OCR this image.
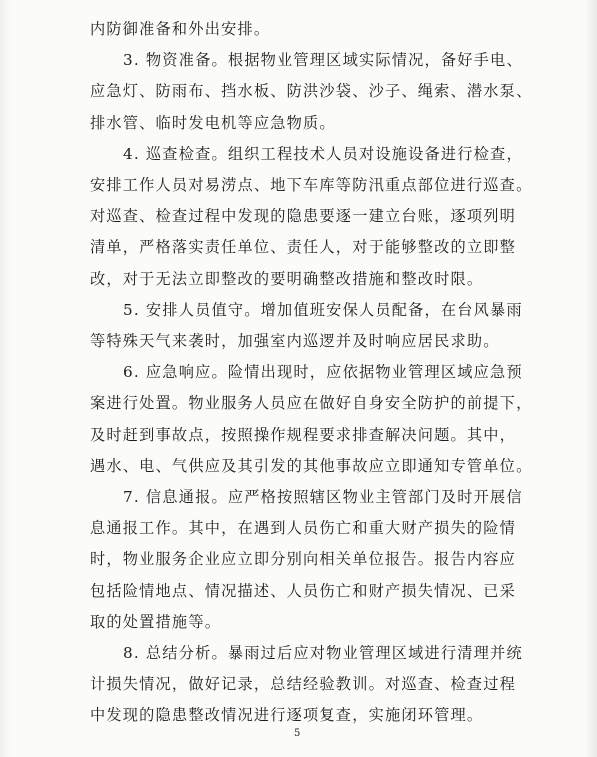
内防御准备和外出安排。

3. 物资准备。根据物业管理区域实际情况，备好手电、
应急灯、防雨布、挡水板、防洪沙袋、沙子、绳索、潜水泵、
排水管、临时发电机等应急物质。

4. 巡查检查。组织工程技术人员对设施设备进行检查，
安排工作人员对易涝点、地下车库等防汛重点部位进行巡查。
对巡查、检查过程中发现的隐患要逐一建立台账，逐项列明
清单，严格落实责任单位、责任人，对于能够整改的立即整
改，对于无法立即整改的要明确整改措施和整改时限。

5. 安排人员值守。增加值班安保人员配备，在台风暴雨
等特殊天气来袭时，加强室内巡逻并及时响应居民求助。

6. 应急响应。险情出现时，应依据物业管理区域应急预
案进行处置。物业服务人员应在做好自身安全防护的前提下，
及时赶到事故点，按照操作规程要求排查解决问题。其中，
遇水、电、气供应及其引发的其他事故应立即通知专管单位。

7. 信息通报。应严格按照辖区物业主管部门及时开展信
息通报工作。其中，在遇到人员伤亡和重大财产损失的险情
时，物业服务企业应立即分别向相关单位报告。报告内容应
包括险情地点、情况描述、人员伤亡和财产损失情况、已采
取的处置措施等。

8. 总结分析。暴雨过后应对物业管理区域进行清理并统
计损失情况，做好记录，总结经验教训。对巡查、检查过程
中发现的隐患整改情况进行逐项复查，实施闭环管理。

5
